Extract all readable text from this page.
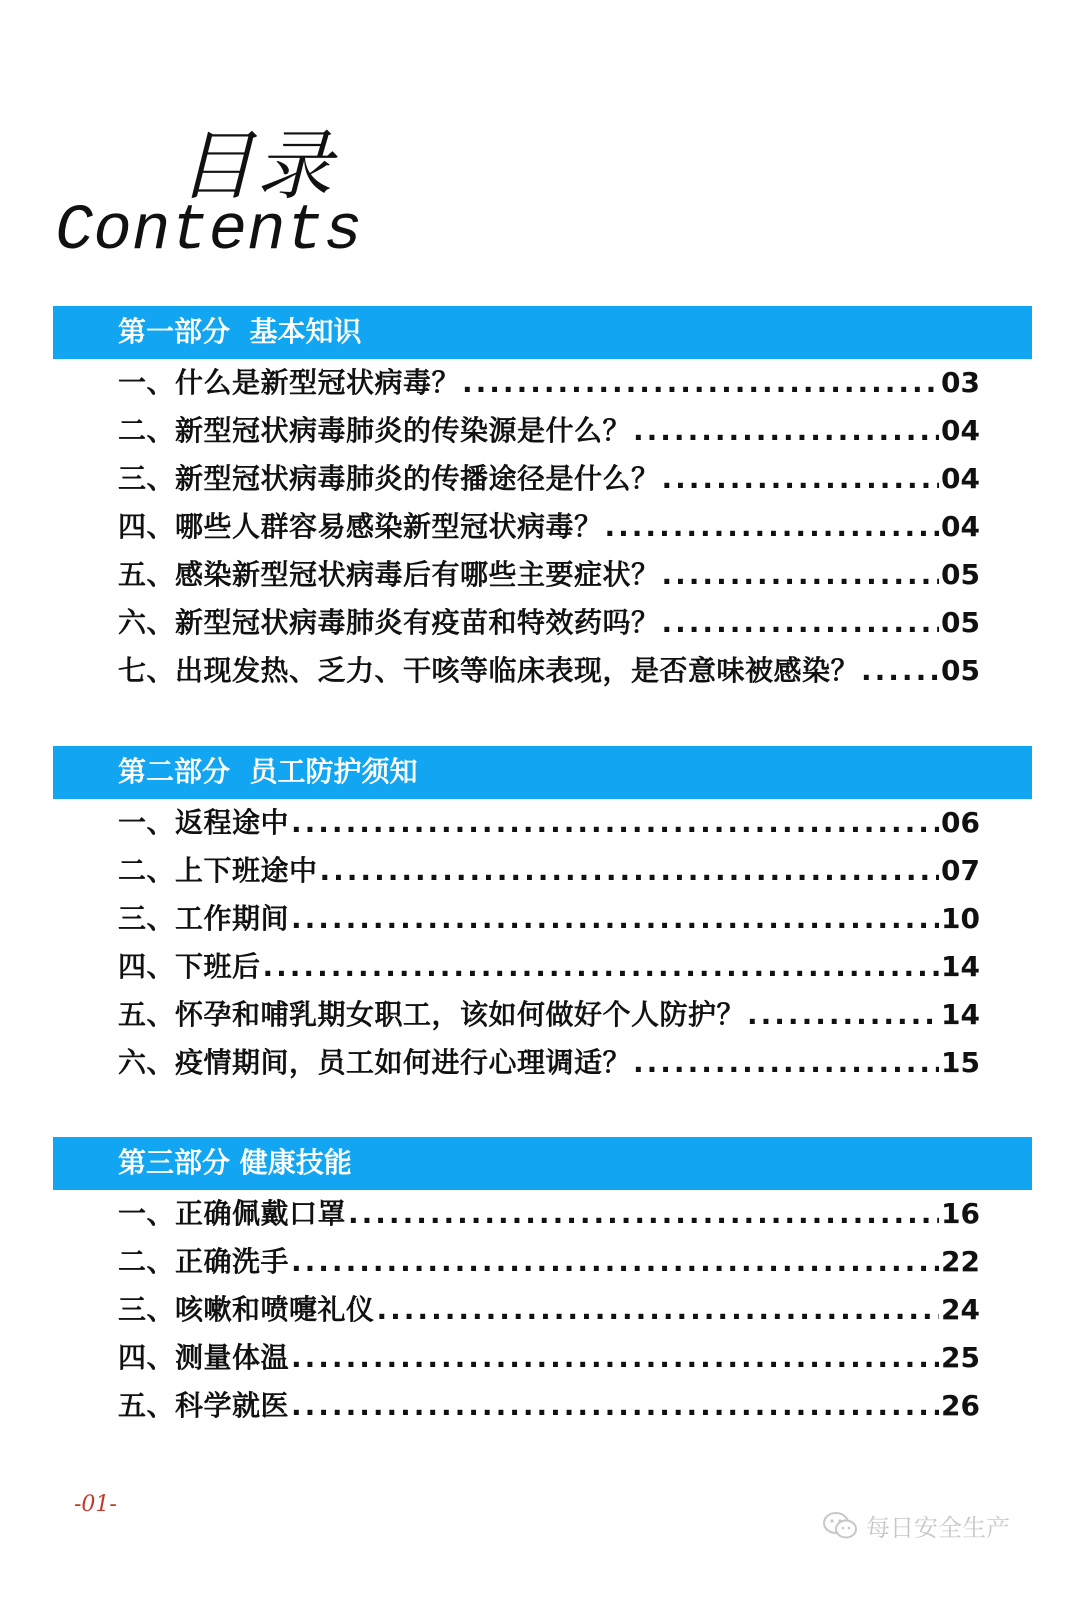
目录
Contents
第一部分  基本知识
一、什么是新型冠状病毒？ .....	03
二、新型冠状病毒肺炎的传染源是什么？ .....	04
三、新型冠状病毒肺炎的传播途径是什么？ .....	04
四、哪些人群容易感染新型冠状病毒？ .....	04
五、感染新型冠状病毒后有哪些主要症状？ .....	05
六、新型冠状病毒肺炎有疫苗和特效药吗？ .....	05
七、出现发热、乏力、干咳等临床表现，是否意味被感染？ .....	05
第二部分  员工防护须知
一、返程途中 .....	06
二、上下班途中 .....	07
三、工作期间 .....	10
四、下班后 .....	14
五、怀孕和哺乳期女职工，该如何做好个人防护？ .....	14
六、疫情期间，员工如何进行心理调适？ .....	15
第三部分 健康技能
一、正确佩戴口罩 .....	16
二、正确洗手 .....	22
三、咳嗽和喷嚏礼仪 .....	24
四、测量体温 .....	25
五、科学就医 .....	26
-01-
每日安全生产
